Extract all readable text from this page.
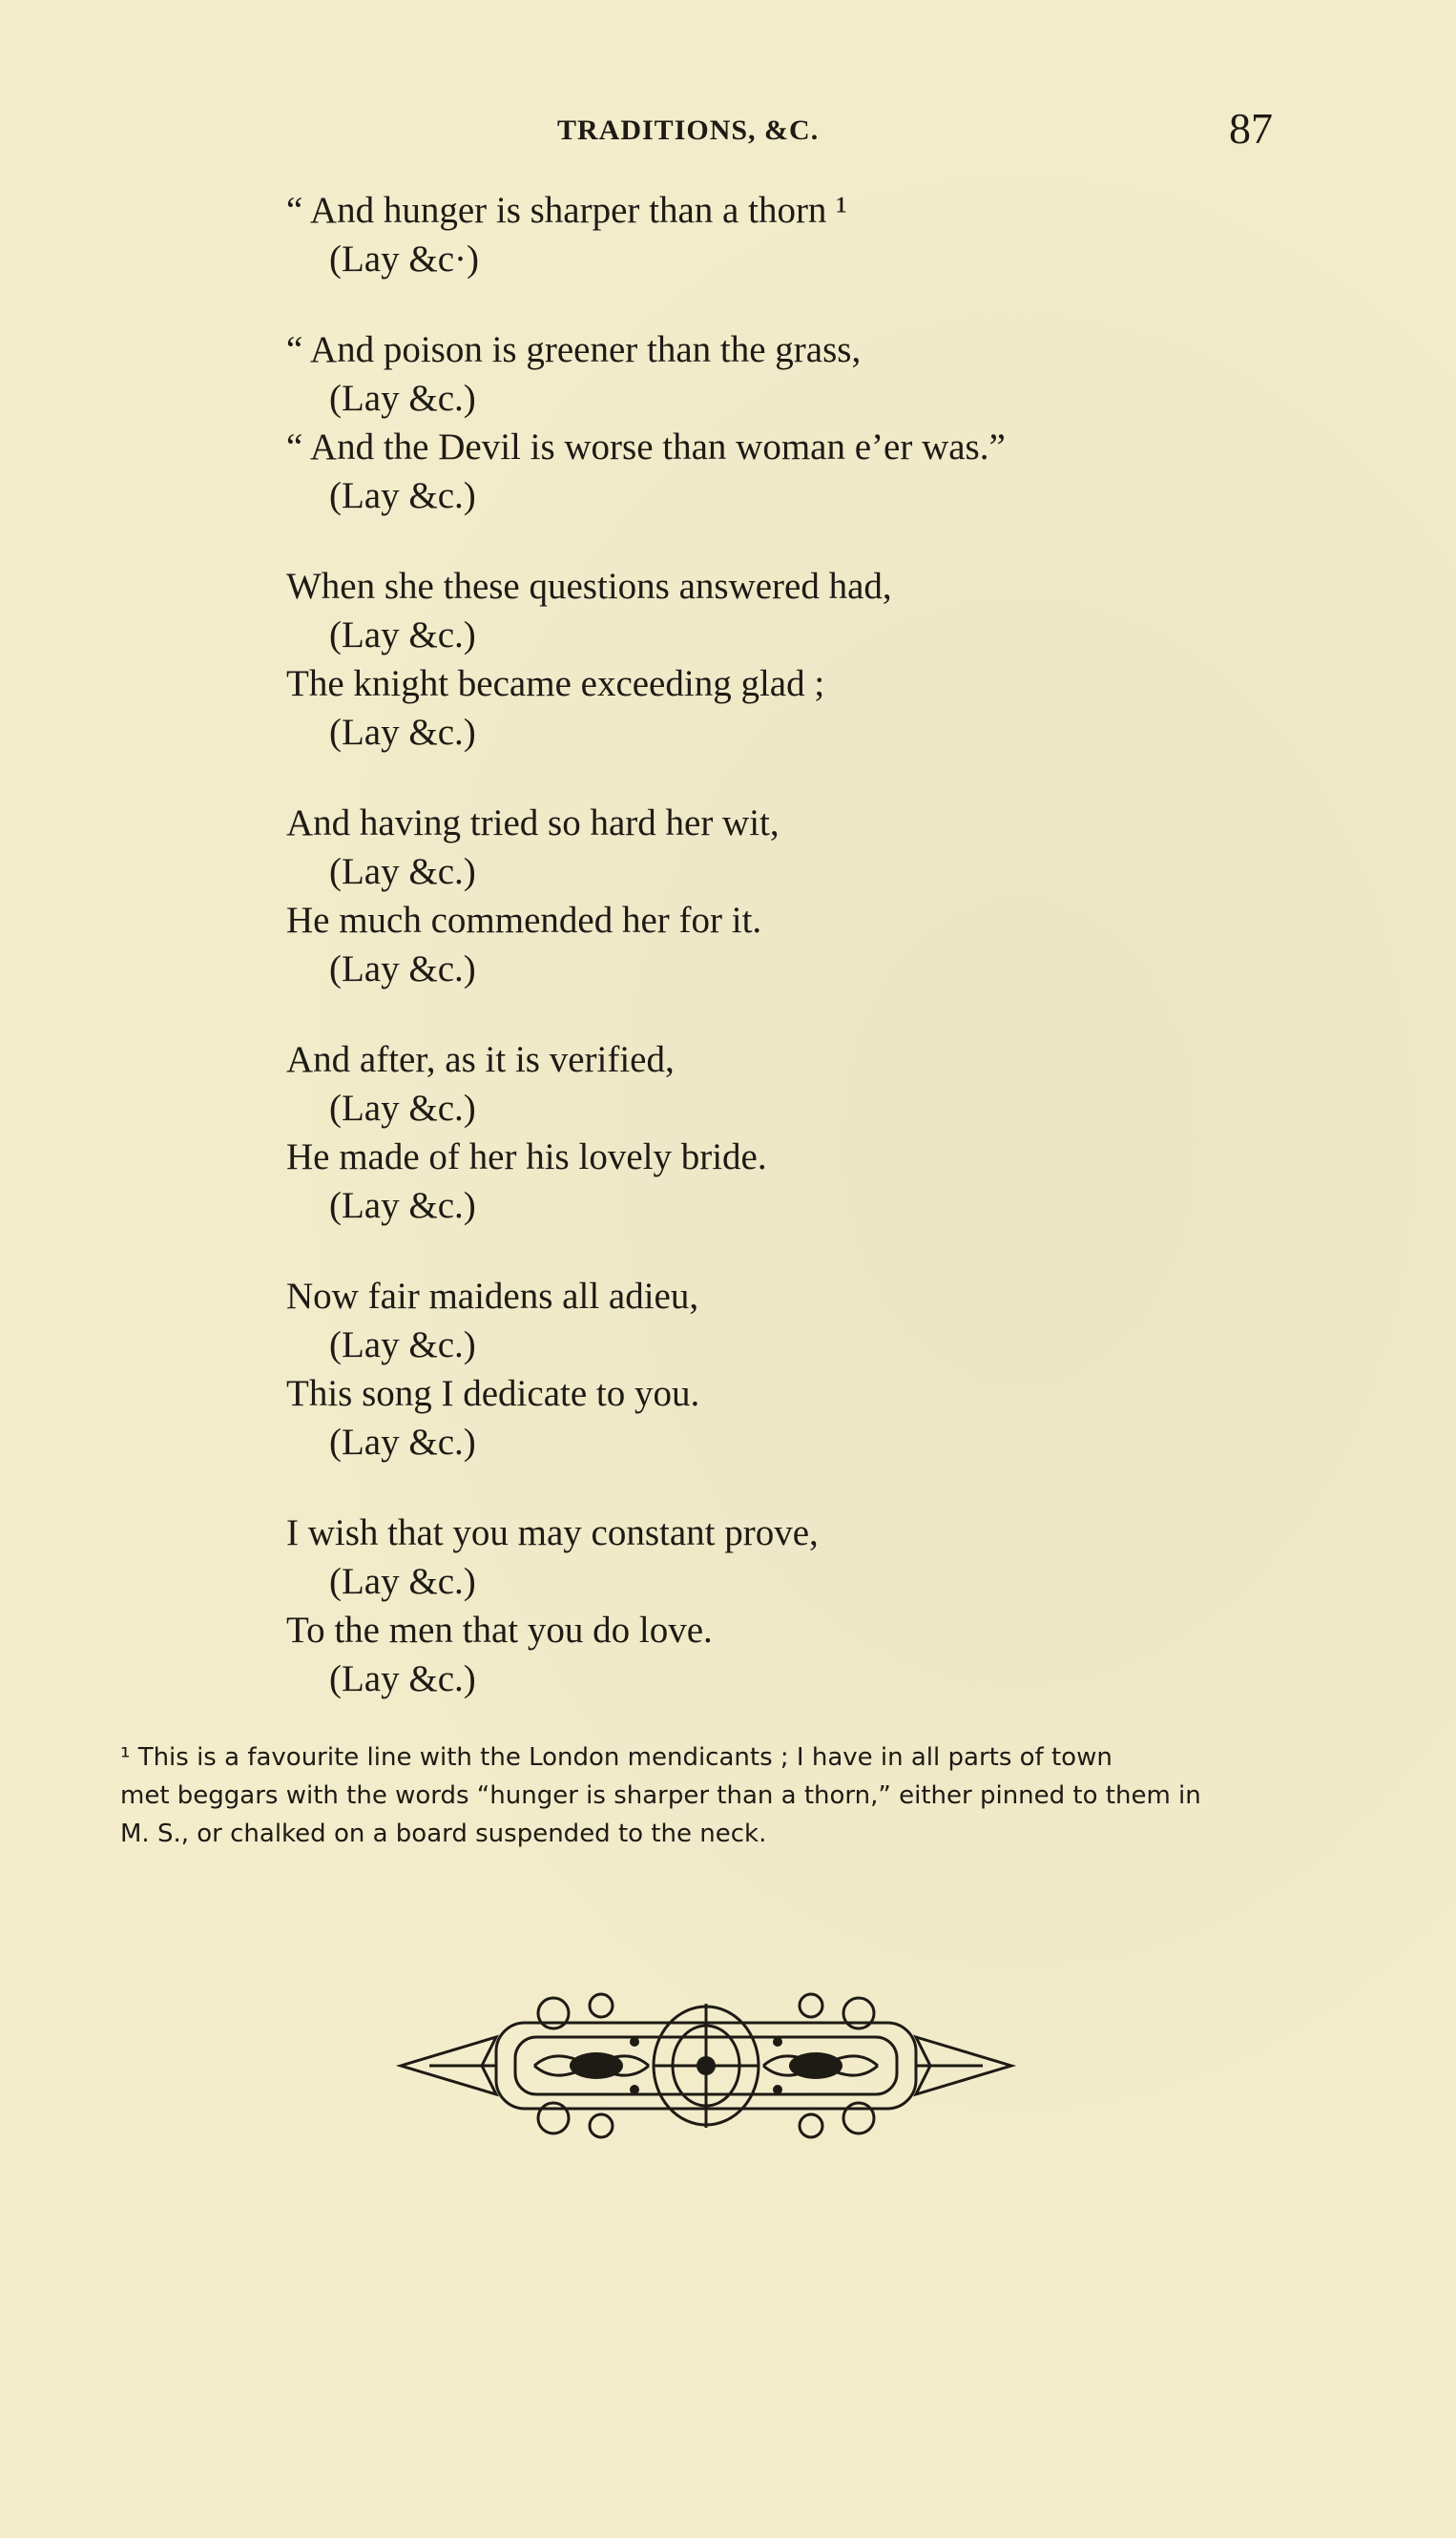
TRADITIONS, &C.	87
“ And hunger is sharper than a thorn ¹
(Lay &c·)
“ And poison is greener than the grass,
(Lay &c.)
“ And the Devil is worse than woman e’er was.”
(Lay &c.)
When she these questions answered had,
(Lay &c.)
The knight became exceeding glad ;
(Lay &c.)
And having tried so hard her wit,
(Lay &c.)
He much commended her for it.
(Lay &c.)
And after, as it is verified,
(Lay &c.)
He made of her his lovely bride.
(Lay &c.)
Now fair maidens all adieu,
(Lay &c.)
This song I dedicate to you.
(Lay &c.)
I wish that you may constant prove,
(Lay &c.)
To the men that you do love.
(Lay &c.)
¹ This is a favourite line with the London mendicants ; I have in all parts of town
met beggars with the words “hunger is sharper than a thorn,” either pinned to them in
M. S., or chalked on a board suspended to the neck.
